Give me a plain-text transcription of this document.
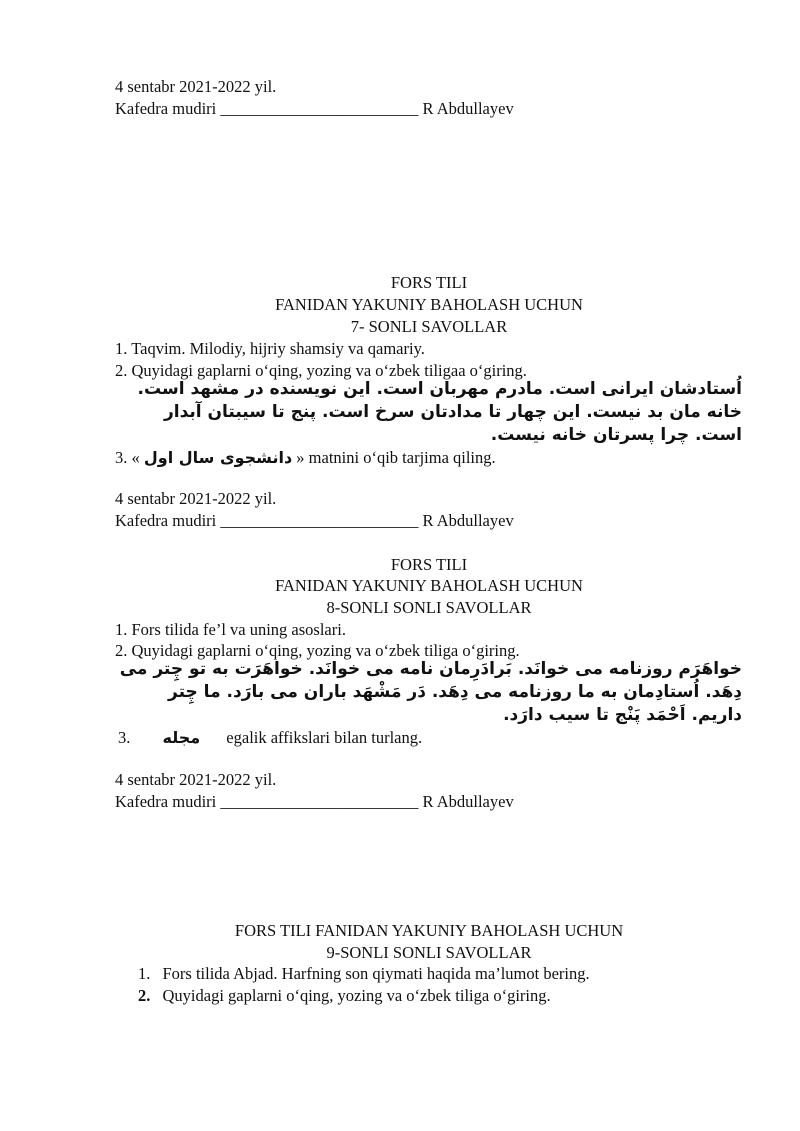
4 sentabr 2021-2022 yil.
Kafedra mudiri ________________________ R Abdullayev
FORS TILI
FANIDAN YAKUNIY BAHOLASH UCHUN
7- SONLI SAVOLLAR
1. Taqvim. Milodiy, hijriy shamsiy va qamariy.
2. Quyidagi gaplarni o‘qing, yozing va o‘zbek tiligaa o‘giring.
اُستادشان ایرانی است. مادرم مهربان است. این نویسنده در مشهد است. خانه مان بد نیست. این چهار تا مدادتان سرخ است. پنج تا سیبتان آبدار است. چرا پسرتان خانه نیست.
3. « دانشجوی سال اول » matnini o‘qib tarjima qiling.
4 sentabr 2021-2022 yil.
Kafedra mudiri ________________________ R Abdullayev
FORS TILI
FANIDAN YAKUNIY BAHOLASH UCHUN
8-SONLI SONLI SAVOLLAR
1. Fors tilida fe’l va uning asoslari.
2. Quyidagi gaplarni o‘qing, yozing va o‘zbek tiliga o‘giring.
خواهَرَم روزنامه می خوانَد. بَرادَرِمان نامه می خوانَد. خواهَرَت به تو چِتر می دِهَد. اُستادِمان به ما روزنامه می دِهَد. دَر مَشْهَد باران می بارَد. ما چِتر داریم. اَحْمَد پَنْج تا سیب دارَد.
3. مجله egalik affikslari bilan turlang.
4 sentabr 2021-2022 yil.
Kafedra mudiri ________________________ R Abdullayev
FORS TILI FANIDAN YAKUNIY BAHOLASH UCHUN
9-SONLI SONLI SAVOLLAR
1. Fors tilida Abjad. Harfning son qiymati haqida ma’lumot bering.
2. Quyidagi gaplarni o‘qing, yozing va o‘zbek tiliga o‘giring.
